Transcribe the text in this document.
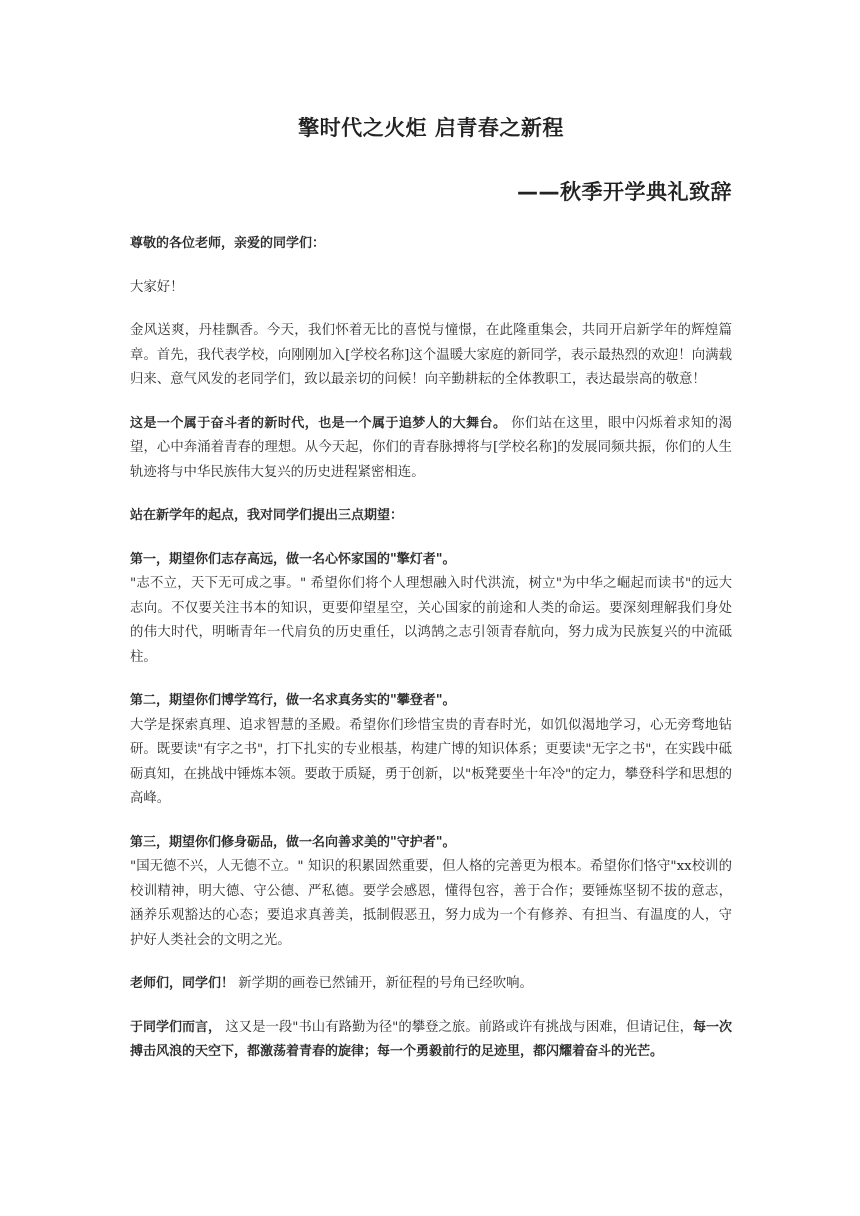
擎时代之火炬 启青春之新程
——秋季开学典礼致辞

尊敬的各位老师，亲爱的同学们：

大家好！

金风送爽，丹桂飘香。今天，我们怀着无比的喜悦与憧憬，在此隆重集会，共同开启新学年的辉煌篇章。首先，我代表学校，向刚刚加入[学校名称]这个温暖大家庭的新同学，表示最热烈的欢迎！向满载归来、意气风发的老同学们，致以最亲切的问候！向辛勤耕耘的全体教职工，表达最崇高的敬意！

这是一个属于奋斗者的新时代，也是一个属于追梦人的大舞台。 你们站在这里，眼中闪烁着求知的渴望，心中奔涌着青春的理想。从今天起，你们的青春脉搏将与[学校名称]的发展同频共振，你们的人生轨迹将与中华民族伟大复兴的历史进程紧密相连。

站在新学年的起点，我对同学们提出三点期望：

第一，期望你们志存高远，做一名心怀家国的"擎灯者"。

"志不立，天下无可成之事。" 希望你们将个人理想融入时代洪流，树立"为中华之崛起而读书"的远大志向。不仅要关注书本的知识，更要仰望星空，关心国家的前途和人类的命运。要深刻理解我们身处的伟大时代，明晰青年一代肩负的历史重任，以鸿鹄之志引领青春航向，努力成为民族复兴的中流砥柱。

第二，期望你们博学笃行，做一名求真务实的"攀登者"。

大学是探索真理、追求智慧的圣殿。希望你们珍惜宝贵的青春时光，如饥似渴地学习，心无旁骛地钻研。既要读"有字之书"，打下扎实的专业根基，构建广博的知识体系；更要读"无字之书"，在实践中砥砺真知，在挑战中锤炼本领。要敢于质疑，勇于创新，以"板凳要坐十年冷"的定力，攀登科学和思想的高峰。

第三，期望你们修身砺品，做一名向善求美的"守护者"。

"国无德不兴，人无德不立。" 知识的积累固然重要，但人格的完善更为根本。希望你们恪守"xx校训的校训精神，明大德、守公德、严私德。要学会感恩，懂得包容，善于合作；要锤炼坚韧不拔的意志，涵养乐观豁达的心态；要追求真善美，抵制假恶丑，努力成为一个有修养、有担当、有温度的人，守护好人类社会的文明之光。

老师们，同学们！ 新学期的画卷已然铺开，新征程的号角已经吹响。

于同学们而言， 这又是一段"书山有路勤为径"的攀登之旅。前路或许有挑战与困难，但请记住，每一次搏击风浪的天空下，都激荡着青春的旋律；每一个勇毅前行的足迹里，都闪耀着奋斗的光芒。
